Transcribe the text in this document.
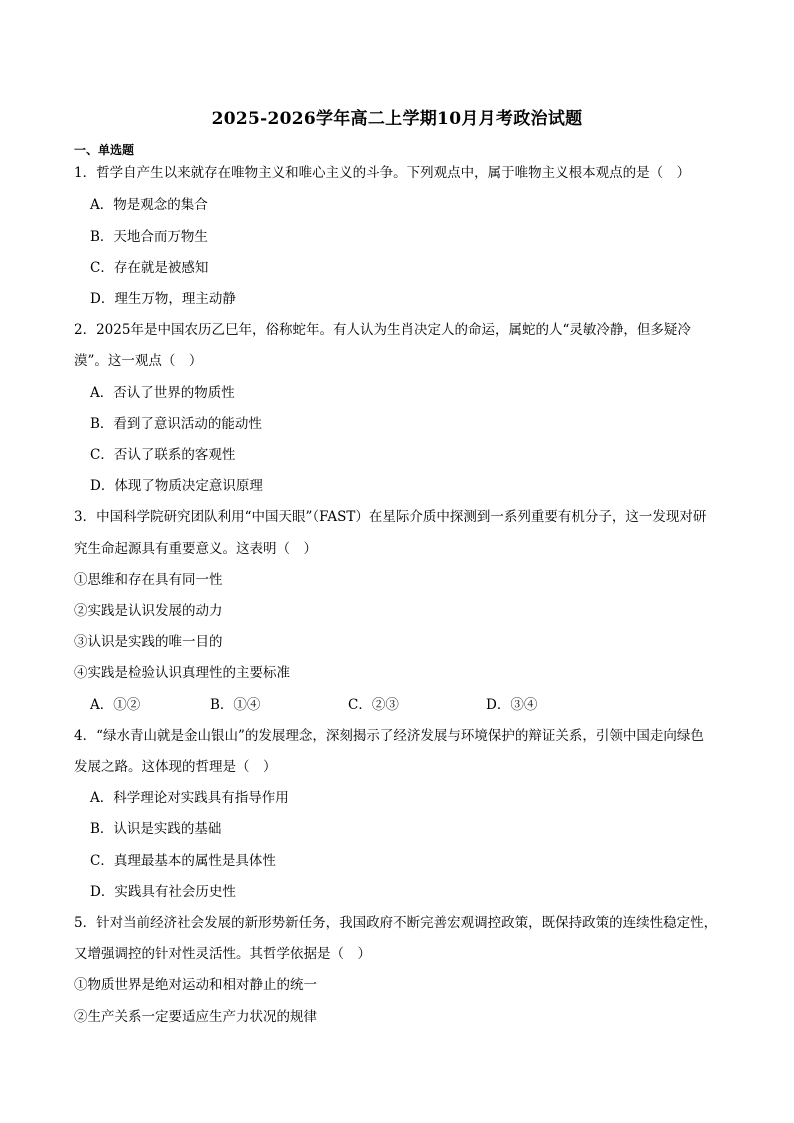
2025-2026学年高二上学期10月月考政治试题
一、单选题
1．哲学自产生以来就存在唯物主义和唯心主义的斗争。下列观点中，属于唯物主义根本观点的是（　）
A．物是观念的集合
B．天地合而万物生
C．存在就是被感知
D．理生万物，理主动静
2．2025年是中国农历乙巳年，俗称蛇年。有人认为生肖决定人的命运，属蛇的人“灵敏冷静，但多疑冷
漠”。这一观点（　）
A．否认了世界的物质性
B．看到了意识活动的能动性
C．否认了联系的客观性
D．体现了物质决定意识原理
3．中国科学院研究团队利用“中国天眼”（FAST）在星际介质中探测到一系列重要有机分子，这一发现对研
究生命起源具有重要意义。这表明（　）
①思维和存在具有同一性
②实践是认识发展的动力
③认识是实践的唯一目的
④实践是检验认识真理性的主要标准
A．①②	B．①④	C．②③	D．③④
4．“绿水青山就是金山银山”的发展理念，深刻揭示了经济发展与环境保护的辩证关系，引领中国走向绿色
发展之路。这体现的哲理是（　）
A．科学理论对实践具有指导作用
B．认识是实践的基础
C．真理最基本的属性是具体性
D．实践具有社会历史性
5．针对当前经济社会发展的新形势新任务，我国政府不断完善宏观调控政策，既保持政策的连续性稳定性，
又增强调控的针对性灵活性。其哲学依据是（　）
①物质世界是绝对运动和相对静止的统一
②生产关系一定要适应生产力状况的规律
